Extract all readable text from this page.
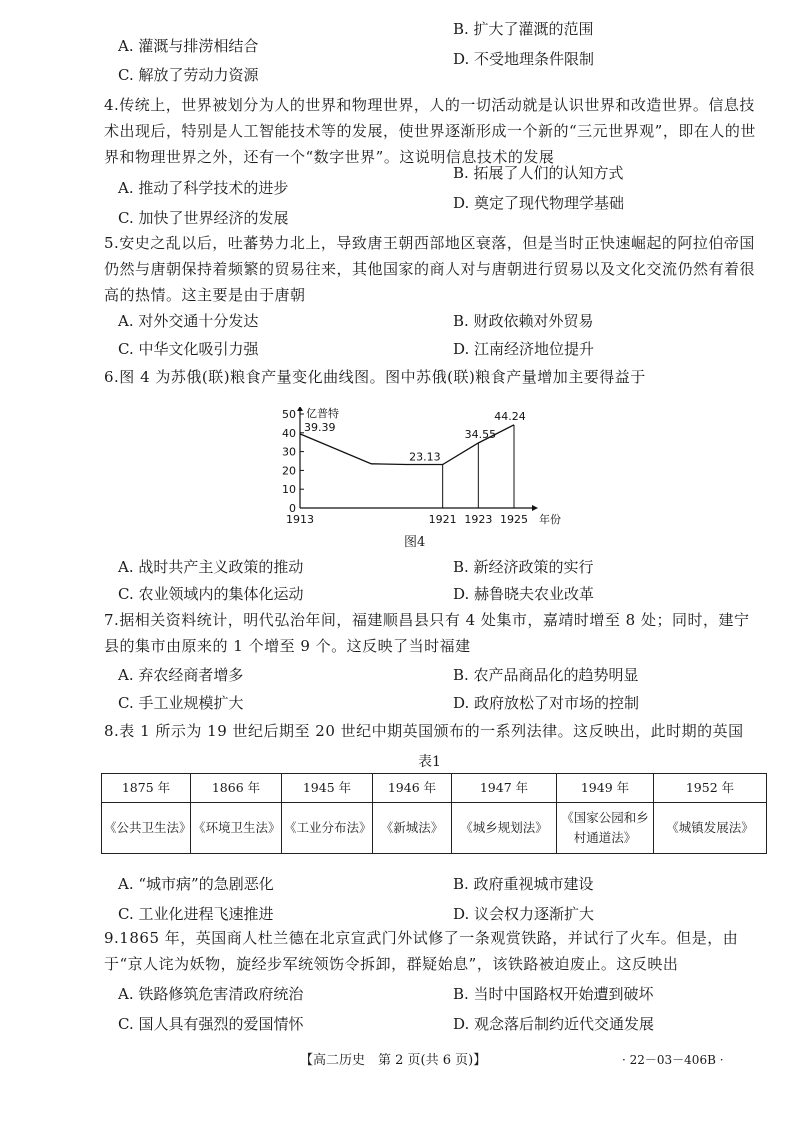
B. 扩大了灌溉的范围
A. 灌溉与排涝相结合
D. 不受地理条件限制
C. 解放了劳动力资源
4.传统上，世界被划分为人的世界和物理世界，人的一切活动就是认识世界和改造世界。信息技术出现后，特别是人工智能技术等的发展，使世界逐渐形成一个新的“三元世界观”，即在人的世界和物理世界之外，还有一个“数字世界”。这说明信息技术的发展
B. 拓展了人们的认知方式
A. 推动了科学技术的进步
D. 奠定了现代物理学基础
C. 加快了世界经济的发展
5.安史之乱以后，吐蕃势力北上，导致唐王朝西部地区衰落，但是当时正快速崛起的阿拉伯帝国仍然与唐朝保持着频繁的贸易往来，其他国家的商人对与唐朝进行贸易以及文化交流仍然有着很高的热情。这主要是由于唐朝
A. 对外交通十分发达	B. 财政依赖对外贸易
C. 中华文化吸引力强	D. 江南经济地位提升
6.图 4 为苏俄(联)粮食产量变化曲线图。图中苏俄(联)粮食产量增加主要得益于
0
10
20
30
40
50 亿普特
1913	1921 1923 1925 年份
39.39
23.13
34.55
44.24
图4
A. 战时共产主义政策的推动	B. 新经济政策的实行
C. 农业领域内的集体化运动	D. 赫鲁晓夫农业改革
7.据相关资料统计，明代弘治年间，福建顺昌县只有 4 处集市，嘉靖时增至 8 处；同时，建宁县的集市由原来的 1 个增至 9 个。这反映了当时福建
A. 弃农经商者增多	B. 农产品商品化的趋势明显
C. 手工业规模扩大	D. 政府放松了对市场的控制
8.表 1 所示为 19 世纪后期至 20 世纪中期英国颁布的一系列法律。这反映出，此时期的英国
表1
1875 年	1866 年	1945 年	1946 年	1947 年	1949 年	1952 年
《公共卫生法》	《环境卫生法》	《工业分布法》	《新城法》	《城乡规划法》	《国家公园和乡村通道法》	《城镇发展法》
A. “城市病”的急剧恶化	B. 政府重视城市建设
C. 工业化进程飞速推进	D. 议会权力逐渐扩大
9.1865 年，英国商人杜兰德在北京宣武门外试修了一条观赏铁路，并试行了火车。但是，由于“京人诧为妖物，旋经步军统领饬令拆卸，群疑始息”，该铁路被迫废止。这反映出
A. 铁路修筑危害清政府统治	B. 当时中国路权开始遭到破坏
C. 国人具有强烈的爱国情怀	D. 观念落后制约近代交通发展
【高二历史　第 2 页(共 6 页)】	· 22－03－406B ·
